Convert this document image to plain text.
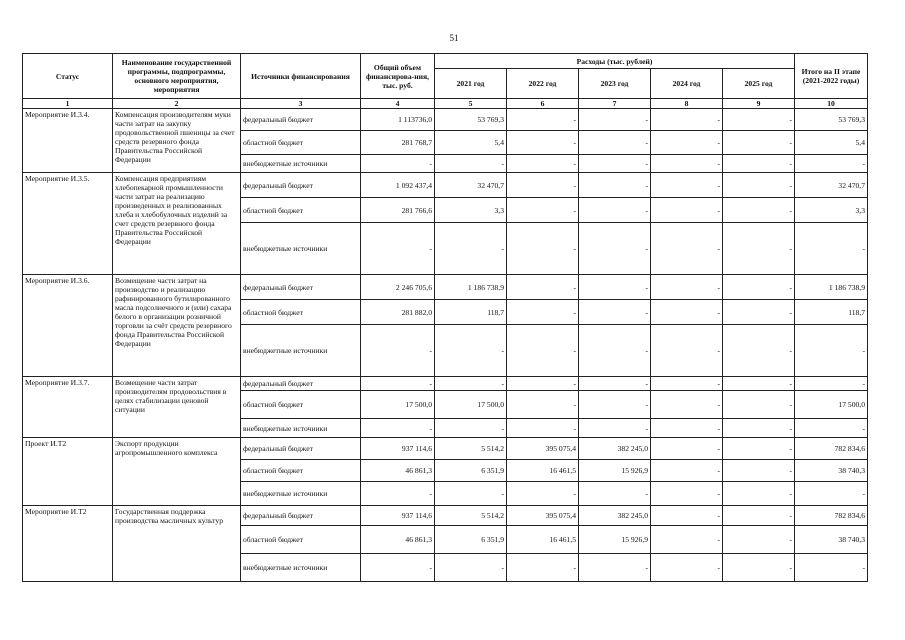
51
Статус	Наименование государственной программы, подпрограммы, основного мероприятия, мероприятия	Источники финансирования	Общий объем финансирова-ния, тыс. руб.	Расходы (тыс. рублей)					Итого на II этапе (2021-2022 годы)
				2021 год	2022 год	2023 год	2024 год	2025 год	
1	2	3	4	5	6	7	8	9	10
Мероприятие И.3.4.	Компенсация производителям муки части затрат на закупку продовольственной пшеницы за счет средств резервного фонда Правительства Российской Федерации	федеральный бюджет	1 113736,0	53 769,3	-	-	-	-	53 769,3
		областной бюджет	281 768,7	5,4	-	-	-	-	5,4
		внебюджетные источники	-	-	-	-	-	-	-
Мероприятие И.3.5.	Компенсация предприятиям хлебопекарной промышленности части затрат на реализацию произведенных и реализованных хлеба и хлебобулочных изделий за счет средств резервного фонда Правительства Российской Федерации	федеральный бюджет	1 092 437,4	32 470,7	-	-	-	-	32 470,7
		областной бюджет	281 766,6	3,3	-	-	-	-	3,3
		внебюджетные источники	-	-	-	-	-	-	-
Мероприятие И.3.6.	Возмещение части затрат на производство и реализацию рафинированного бутилированного масла подсолнечного и (или) сахара белого в организации розничной торговли за счёт средств резервного фонда Правительства Российской Федерации	федеральный бюджет	2 246 705,6	1 186 738,9	-	-	-	-	1 186 738,9
		областной бюджет	281 882,0	118,7	-	-	-	-	118,7
		внебюджетные источники	-	-	-	-	-	-	-
Мероприятие И.3.7.	Возмещение части затрат производителям продовольствия в целях стабилизации ценовой ситуации	федеральный бюджет	-	-	-	-	-	-	-
		областной бюджет	17 500,0	17 500,0	-	-	-	-	17 500,0
		внебюджетные источники	-	-	-	-	-	-	-
Проект И.Т2	Экспорт продукции агропромышленного комплекса	федеральный бюджет	937 114,6	5 514,2	395 075,4	382 245,0	-	-	782 834,6
		областной бюджет	46 861,3	6 351,9	16 461,5	15 926,9	-	-	38 740,3
		внебюджетные источники	-	-	-	-	-	-	-
Мероприятие И.Т2	Государственная поддержка производства масличных культур	федеральный бюджет	937 114,6	5 514,2	395 075,4	382 245,0	-	-	782 834,6
		областной бюджет	46 861,3	6 351,9	16 461,5	15 926,9	-	-	38 740,3
		внебюджетные источники	-	-	-	-	-	-	-
